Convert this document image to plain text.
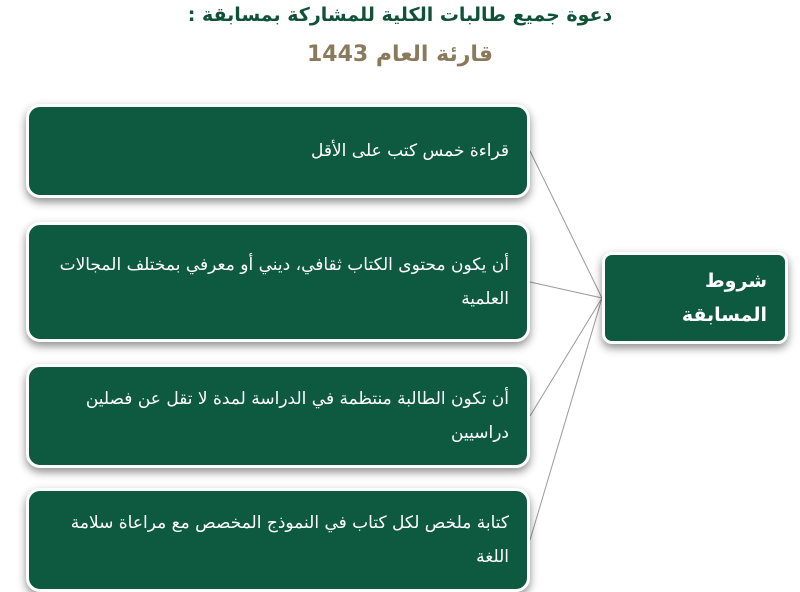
دعوة جميع طالبات الكلية للمشاركة بمسابقة :
قارئة العام 1443
قراءة خمس كتب على الأقل
أن يكون محتوى الكتاب ثقافي، ديني أو معرفي بمختلف المجالات العلمية
أن تكون الطالبة منتظمة في الدراسة لمدة لا تقل عن فصلين دراسيين
كتابة ملخص لكل كتاب في النموذج المخصص مع مراعاة سلامة اللغة
شروط المسابقة
